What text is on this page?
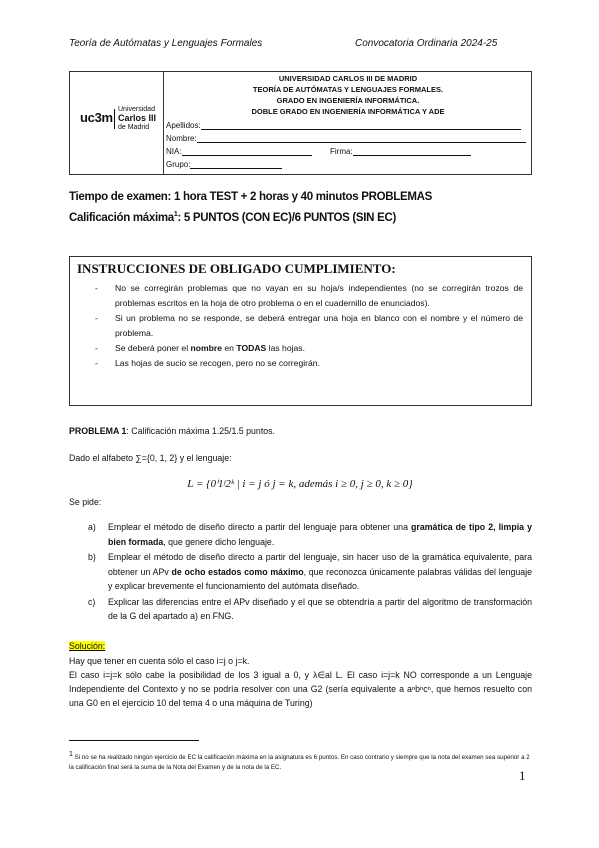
Teoría de Autómatas y Lenguajes Formales	Convocatoria Ordinaria 2024-25
uc3m
Universidad
Carlos III
de Madrid
UNIVERSIDAD CARLOS III DE MADRID
TEORÍA DE AUTÓMATAS Y LENGUAJES FORMALES.
GRADO EN INGENIERÍA INFORMÁTICA.
DOBLE GRADO EN INGENIERÍA INFORMÁTICA Y ADE
Apellidos:
Nombre:
NIA:	Firma:
Grupo:
Tiempo de examen: 1 hora TEST + 2 horas y 40 minutos PROBLEMAS
Calificación máxima$^1$: 5 PUNTOS (CON EC)/6 PUNTOS (SIN EC)
INSTRUCCIONES DE OBLIGADO CUMPLIMIENTO:
- No se corregirán problemas que no vayan en su hoja/s independientes (no se corregirán trozos de problemas escritos en la hoja de otro problema o en el cuadernillo de enunciados).
- Si un problema no se responde, se deberá entregar una hoja en blanco con el nombre y el número de problema.
- Se deberá poner el nombre en TODAS las hojas.
- Las hojas de sucio se recogen, pero no se corregirán.
PROBLEMA 1: Calificación máxima 1.25/1.5 puntos.
Dado el alfabeto ∑={0, 1, 2} y el lenguaje:
L = {0ⁱ1ʲ2ᵏ | i = j ó j = k, además i ≥ 0, j ≥ 0, k ≥ 0}
Se pide:
a) Emplear el método de diseño directo a partir del lenguaje para obtener una gramática de tipo 2, limpia y bien formada, que genere dicho lenguaje.
b) Emplear el método de diseño directo a partir del lenguaje, sin hacer uso de la gramática equivalente, para obtener un APv de ocho estados como máximo, que reconozca únicamente palabras válidas del lenguaje y explicar brevemente el funcionamiento del autómata diseñado.
c) Explicar las diferencias entre el APv diseñado y el que se obtendría a partir del algoritmo de transformación de la G del apartado a) en FNG.
Solución:

Hay que tener en cuenta sólo el caso i=j o j=k.

El caso i=j=k sólo cabe la posibilidad de los 3 igual a 0, y λ∈al L. El caso i=j=k NO corresponde a un Lenguaje Independiente del Contexto y no se podría resolver con una G2 (sería equivalente a aⁿbⁿcⁿ, que hemos resuelto con una G0 en el ejercicio 10 del tema 4 o una máquina de Turing)

$^1$ Si no se ha realizado ningún ejercicio de EC la calificación máxima en la asignatura es 6 puntos. En caso contrario y siempre que la nota del examen sea superior a 2 la calificación final será la suma de la Nota del Examen y de la nota de la EC.
1
